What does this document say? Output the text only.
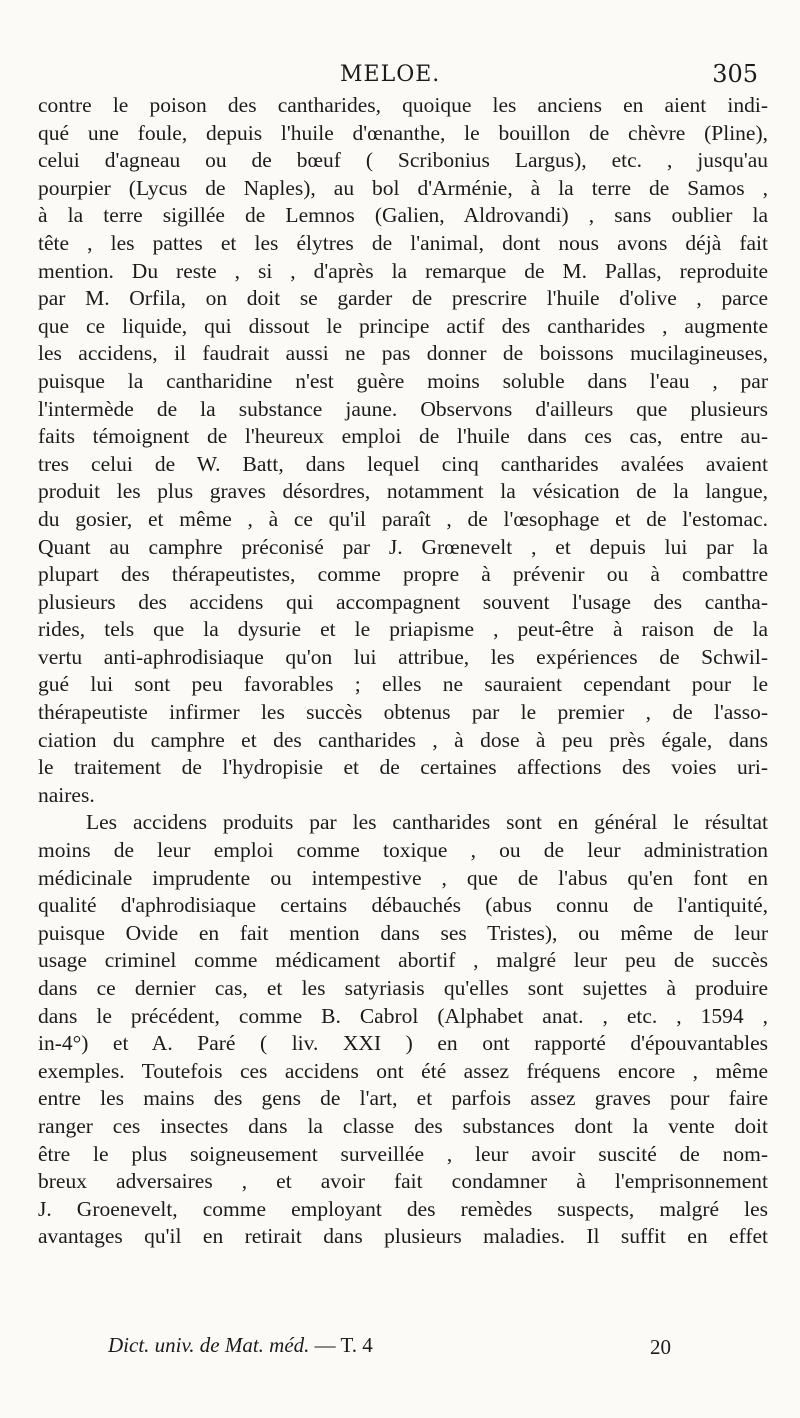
MELOE.	305
contre le poison des cantharides, quoique les anciens en aient indi-
qué une foule, depuis l'huile d'œnanthe, le bouillon de chèvre (Pline),
celui d'agneau ou de bœuf ( Scribonius Largus), etc. , jusqu'au
pourpier (Lycus de Naples), au bol d'Arménie, à la terre de Samos ,
à la terre sigillée de Lemnos (Galien, Aldrovandi) , sans oublier la
tête , les pattes et les élytres de l'animal, dont nous avons déjà fait
mention. Du reste , si , d'après la remarque de M. Pallas, reproduite
par M. Orfila, on doit se garder de prescrire l'huile d'olive , parce
que ce liquide, qui dissout le principe actif des cantharides , augmente
les accidens, il faudrait aussi ne pas donner de boissons mucilagineuses,
puisque la cantharidine n'est guère moins soluble dans l'eau , par
l'intermède de la substance jaune. Observons d'ailleurs que plusieurs
faits témoignent de l'heureux emploi de l'huile dans ces cas, entre au-
tres celui de W. Batt, dans lequel cinq cantharides avalées avaient
produit les plus graves désordres, notamment la vésication de la langue,
du gosier, et même , à ce qu'il paraît , de l'œsophage et de l'estomac.
Quant au camphre préconisé par J. Grœnevelt , et depuis lui par la
plupart des thérapeutistes, comme propre à prévenir ou à combattre
plusieurs des accidens qui accompagnent souvent l'usage des cantha-
rides, tels que la dysurie et le priapisme , peut-être à raison de la
vertu anti-aphrodisiaque qu'on lui attribue, les expériences de Schwil-
gué lui sont peu favorables ; elles ne sauraient cependant pour le
thérapeutiste infirmer les succès obtenus par le premier , de l'asso-
ciation du camphre et des cantharides , à dose à peu près égale, dans
le traitement de l'hydropisie et de certaines affections des voies uri-
naires.
Les accidens produits par les cantharides sont en général le résultat
moins de leur emploi comme toxique , ou de leur administration
médicinale imprudente ou intempestive , que de l'abus qu'en font en
qualité d'aphrodisiaque certains débauchés (abus connu de l'antiquité,
puisque Ovide en fait mention dans ses Tristes), ou même de leur
usage criminel comme médicament abortif , malgré leur peu de succès
dans ce dernier cas, et les satyriasis qu'elles sont sujettes à produire
dans le précédent, comme B. Cabrol (Alphabet anat. , etc. , 1594 ,
in-4°) et A. Paré ( liv. XXI ) en ont rapporté d'épouvantables
exemples. Toutefois ces accidens ont été assez fréquens encore , même
entre les mains des gens de l'art, et parfois assez graves pour faire
ranger ces insectes dans la classe des substances dont la vente doit
être le plus soigneusement surveillée , leur avoir suscité de nom-
breux adversaires , et avoir fait condamner à l'emprisonnement
J. Groenevelt, comme employant des remèdes suspects, malgré les
avantages qu'il en retirait dans plusieurs maladies. Il suffit en effet
Dict. univ. de Mat. méd. — T. 4	20
